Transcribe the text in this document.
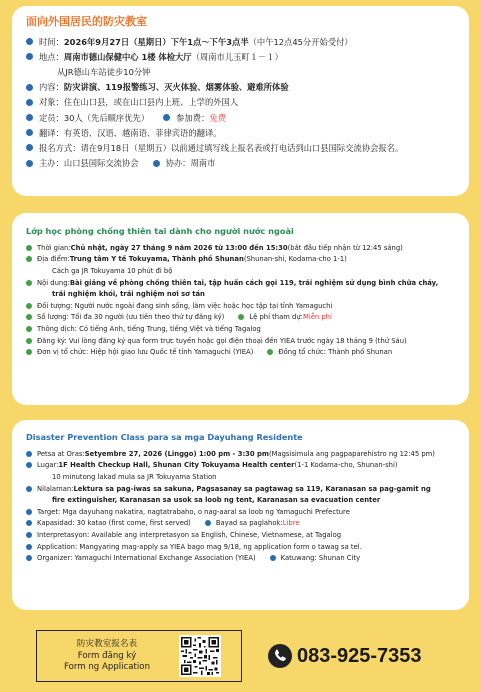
面向外国居民的防灾教室
时间： 2026年9月27日（星期日）下午1点～下午3点半 （中午12点45分开始受付）
地点： 周南市德山保健中心 1楼 体检大厅 （周南市儿玉町１－１）
从JR德山车站徒步10分钟
内容： 防灾讲演、119报警练习、灭火体验、烟雾体验、避难所体验
对象：住在山口县，或在山口县内上班、上学的外国人
定员：30人（先后顺序优先）	参加费： 免费
翻译：有英语、汉语、越南语、菲律宾语的翻译。
报名方式：请在9月18日（星期五）以前通过填写线上报名表或打电话到山口县国际交流协会报名。
主办：山口县国际交流协会	协办：周南市
Lớp học phòng chống thiên tai dành cho người nước ngoài
Thời gian: Chủ nhật, ngày 27 tháng 9 năm 2026 từ 13:00 đến 15:30 (bắt đầu tiếp nhận từ 12:45 sáng)
Địa điểm: Trung tâm Y tế Tokuyama, Thành phố Shunan (Shunan-shi, Kodama-cho 1-1)
Cách ga JR Tokuyama 10 phút đi bộ
Nội dung: Bài giảng về phòng chống thiên tai, tập huấn cách gọi 119, trải nghiệm sử dụng bình chữa cháy,
trải nghiệm khói, trải nghiệm nơi sơ tán
Đối tượng: Người nước ngoài đang sinh sống, làm việc hoặc học tập tại tỉnh Yamaguchi
Số lượng: Tối đa 30 người (ưu tiên theo thứ tự đăng ký)	Lệ phí tham dự: Miễn phí
Thông dịch: Có tiếng Anh, tiếng Trung, tiếng Việt và tiếng Tagalog
Đăng ký: Vui lòng đăng ký qua form trực tuyến hoặc gọi điện thoại đến YIEA trước ngày 18 tháng 9 (thứ Sáu)
Đơn vị tổ chức: Hiệp hội giao lưu Quốc tế tỉnh Yamaguchi (YIEA)	Đồng tổ chức: Thành phố Shunan
Disaster Prevention Class para sa mga Dayuhang Residente
Petsa at Oras: Setyembre 27, 2026 (Linggo) 1:00 pm - 3:30 pm (Magsisimula ang pagpaparehistro ng 12:45 pm)
Lugar: 1F Health Checkup Hall, Shunan City Tokuyama Health center (1-1 Kodama-cho, Shunan-shi)
10 minutong lakad mula sa JR Tokuyama Station
Nilalaman: Lektura sa pag-iwas sa sakuna, Pagsasanay sa pagtawag sa 119, Karanasan sa pag-gamit ng
fire extinguisher, Karanasan sa usok sa loob ng tent, Karanasan sa evacuation center
Target: Mga dayuhang nakatira, nagtatrabaho, o nag-aaral sa loob ng Yamaguchi Prefecture
Kapasidad: 30 katao (first come, first served)	Bayad sa paglahok: Libre
Interpretasyon: Available ang interpretasyon sa English, Chinese, Vietnamese, at Tagalog
Application: Mangyaring mag-apply sa YIEA bago mag 9/18, ng application form o tawag sa tel.
Organizer: Yamaguchi International Exchange Association (YIEA)	Katuwang: Shunan City
防灾教室报名表
Form đăng ký
Form ng Application	083-925-7353
